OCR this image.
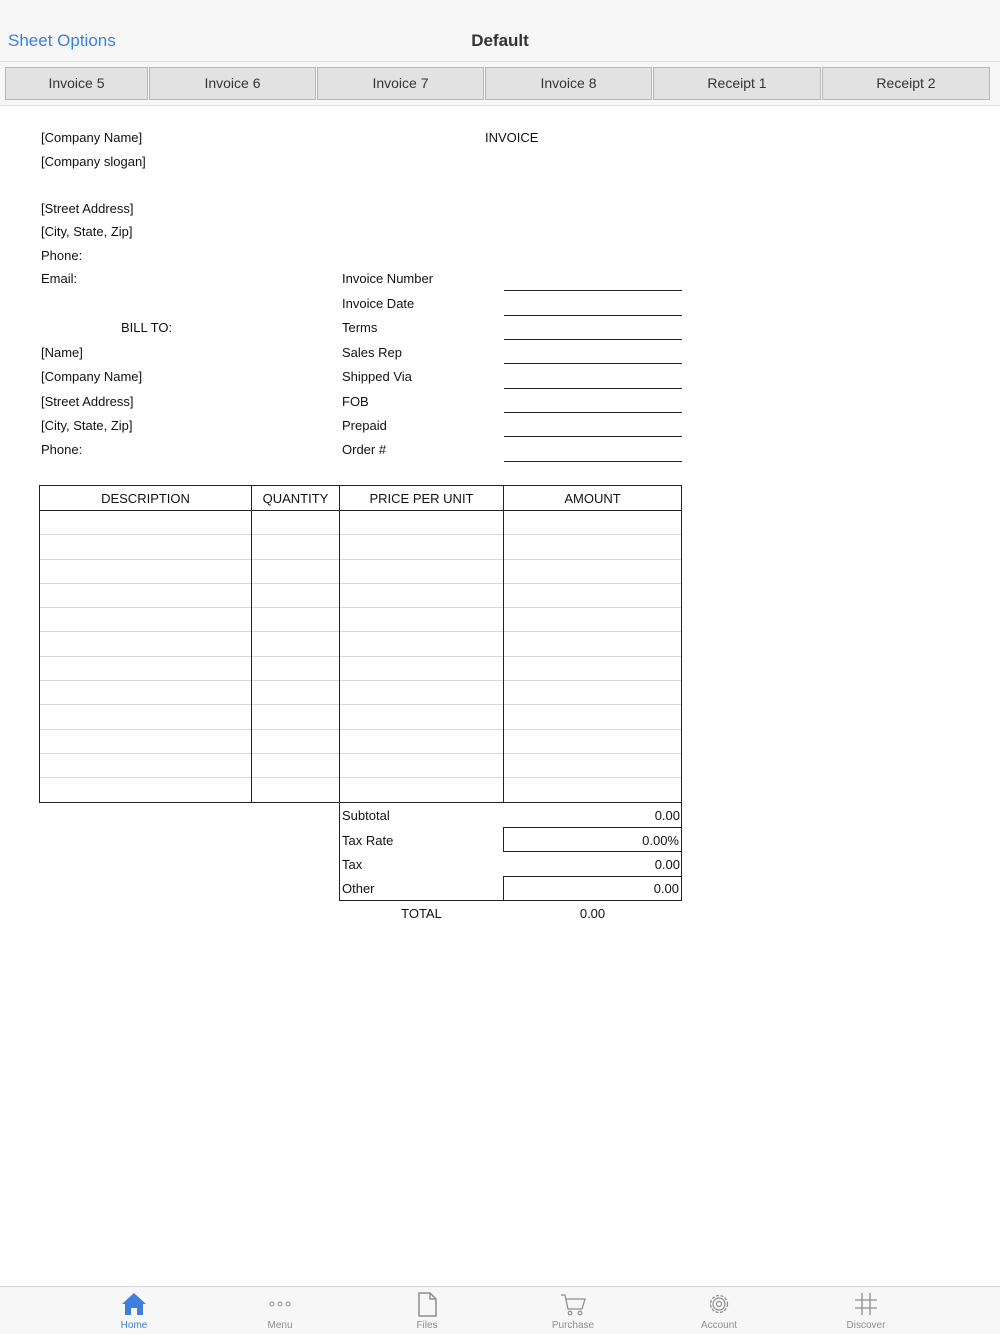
Sheet Options	Default
Invoice 5	Invoice 6	Invoice 7	Invoice 8	Receipt 1	Receipt 2
[Company Name]	INVOICE
[Company slogan]
[Street Address]
[City, State, Zip]
Phone:
Email:
BILL TO:
[Name]
[Company Name]
[Street Address]
[City, State, Zip]
Phone:
Invoice Number
Invoice Date
Terms
Sales Rep
Shipped Via
FOB
Prepaid
Order #
DESCRIPTION	QUANTITY	PRICE PER UNIT	AMOUNT
Subtotal	0.00
Tax Rate	0.00%
Tax	0.00
Other	0.00
TOTAL	0.00
Home	Menu	Files	Purchase	Account	Discover
